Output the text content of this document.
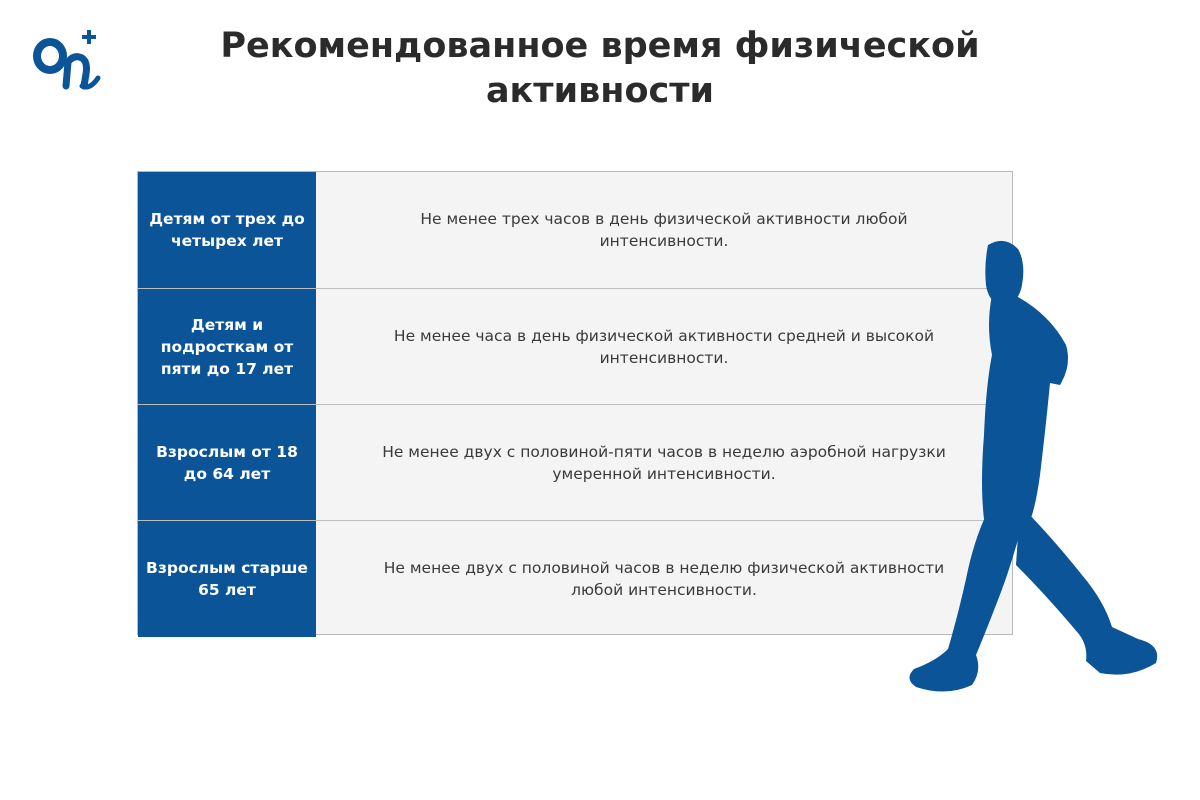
Рекомендованное время физической активности
Детям от трех до четырех лет
Не менее трех часов в день физической активности любой интенсивности.
Детям и подросткам от пяти до 17 лет
Не менее часа в день физической активности средней и высокой интенсивности.
Взрослым от 18 до 64 лет
Не менее двух с половиной-пяти часов в неделю аэробной нагрузки умеренной интенсивности.
Взрослым старше 65 лет
Не менее двух с половиной часов в неделю физической активности любой интенсивности.
